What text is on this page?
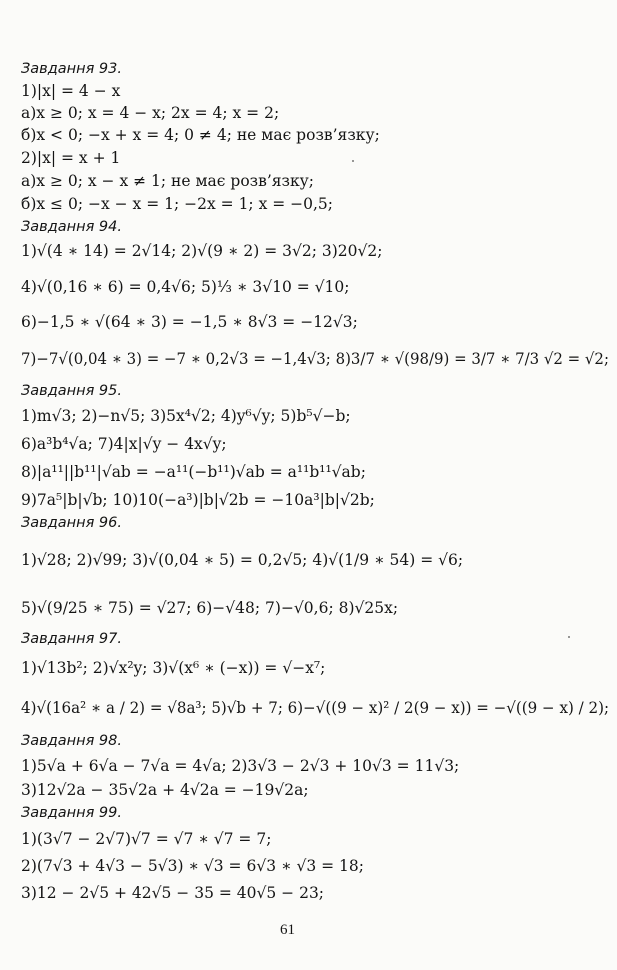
Завдання 93.
1)|x| = 4 − x
а)x ≥ 0; x = 4 − x; 2x = 4; x = 2;
б)x < 0; −x + x = 4; 0 ≠ 4; не має розв’язку;
2)|x| = x + 1
а)x ≥ 0; x − x ≠ 1; не має розв’язку;
б)x ≤ 0; −x − x = 1; −2x = 1; x = −0,5;
Завдання 94.
1)√(4 ∗ 14) = 2√14; 2)√(9 ∗ 2) = 3√2; 3)20√2;
4)√(0,16 ∗ 6) = 0,4√6; 5)⅓ ∗ 3√10 = √10;
6)−1,5 ∗ √(64 ∗ 3) = −1,5 ∗ 8√3 = −12√3;
7)−7√(0,04 ∗ 3) = −7 ∗ 0,2√3 = −1,4√3; 8)3/7 ∗ √(98/9) = 3/7 ∗ 7/3 √2 = √2;
Завдання 95.
1)m√3; 2)−n√5; 3)5x⁴√2; 4)y⁶√y; 5)b⁵√−b;
6)a³b⁴√a; 7)4|x|√y − 4x√y;
8)|a¹¹||b¹¹|√ab = −a¹¹(−b¹¹)√ab = a¹¹b¹¹√ab;
9)7a⁵|b|√b; 10)10(−a³)|b|√2b = −10a³|b|√2b;
Завдання 96.
1)√28; 2)√99; 3)√(0,04 ∗ 5) = 0,2√5; 4)√(1/9 ∗ 54) = √6;
5)√(9/25 ∗ 75) = √27; 6)−√48; 7)−√0,6; 8)√25x;
Завдання 97.
1)√13b²; 2)√x²y; 3)√(x⁶ ∗ (−x)) = √−x⁷;
4)√(16a² ∗ a / 2) = √8a³; 5)√b + 7; 6)−√((9 − x)² / 2(9 − x)) = −√((9 − x) / 2);
Завдання 98.
1)5√a + 6√a − 7√a = 4√a; 2)3√3 − 2√3 + 10√3 = 11√3;
3)12√2a − 35√2a + 4√2a = −19√2a;
Завдання 99.
1)(3√7 − 2√7)√7 = √7 ∗ √7 = 7;
2)(7√3 + 4√3 − 5√3) ∗ √3 = 6√3 ∗ √3 = 18;
3)12 − 2√5 + 42√5 − 35 = 40√5 − 23;
61
